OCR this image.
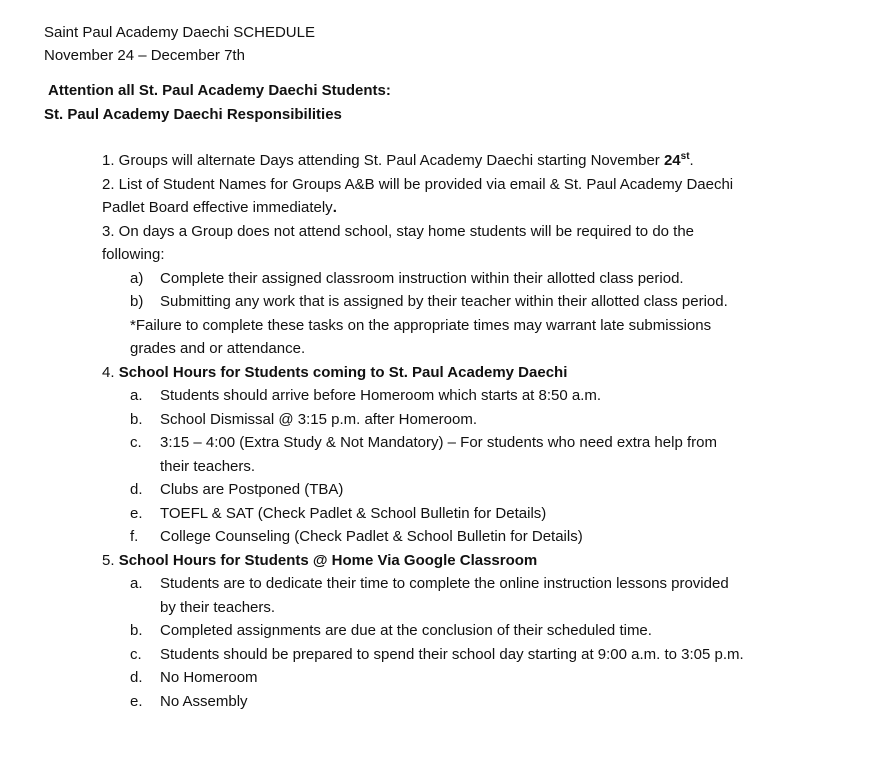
Saint Paul Academy Daechi SCHEDULE
November 24 – December 7th
Attention all St. Paul Academy Daechi Students:
St. Paul Academy Daechi Responsibilities
1. Groups will alternate Days attending St. Paul Academy Daechi starting November 24st.
2. List of Student Names for Groups A&B will be provided via email & St. Paul Academy Daechi
Padlet Board effective immediately.
3. On days a Group does not attend school, stay home students will be required to do the
following:
a) Complete their assigned classroom instruction within their allotted class period.
b) Submitting any work that is assigned by their teacher within their allotted class period.
*Failure to complete these tasks on the appropriate times may warrant late submissions
grades and or attendance.
4. School Hours for Students coming to St. Paul Academy Daechi
a. Students should arrive before Homeroom which starts at 8:50 a.m.
b. School Dismissal @ 3:15 p.m. after Homeroom.
c. 3:15 – 4:00 (Extra Study & Not Mandatory) – For students who need extra help from
their teachers.
d. Clubs are Postponed (TBA)
e. TOEFL & SAT (Check Padlet & School Bulletin for Details)
f. College Counseling (Check Padlet & School Bulletin for Details)
5. School Hours for Students @ Home Via Google Classroom
a. Students are to dedicate their time to complete the online instruction lessons provided
by their teachers.
b. Completed assignments are due at the conclusion of their scheduled time.
c. Students should be prepared to spend their school day starting at 9:00 a.m. to 3:05 p.m.
d. No Homeroom
e. No Assembly
